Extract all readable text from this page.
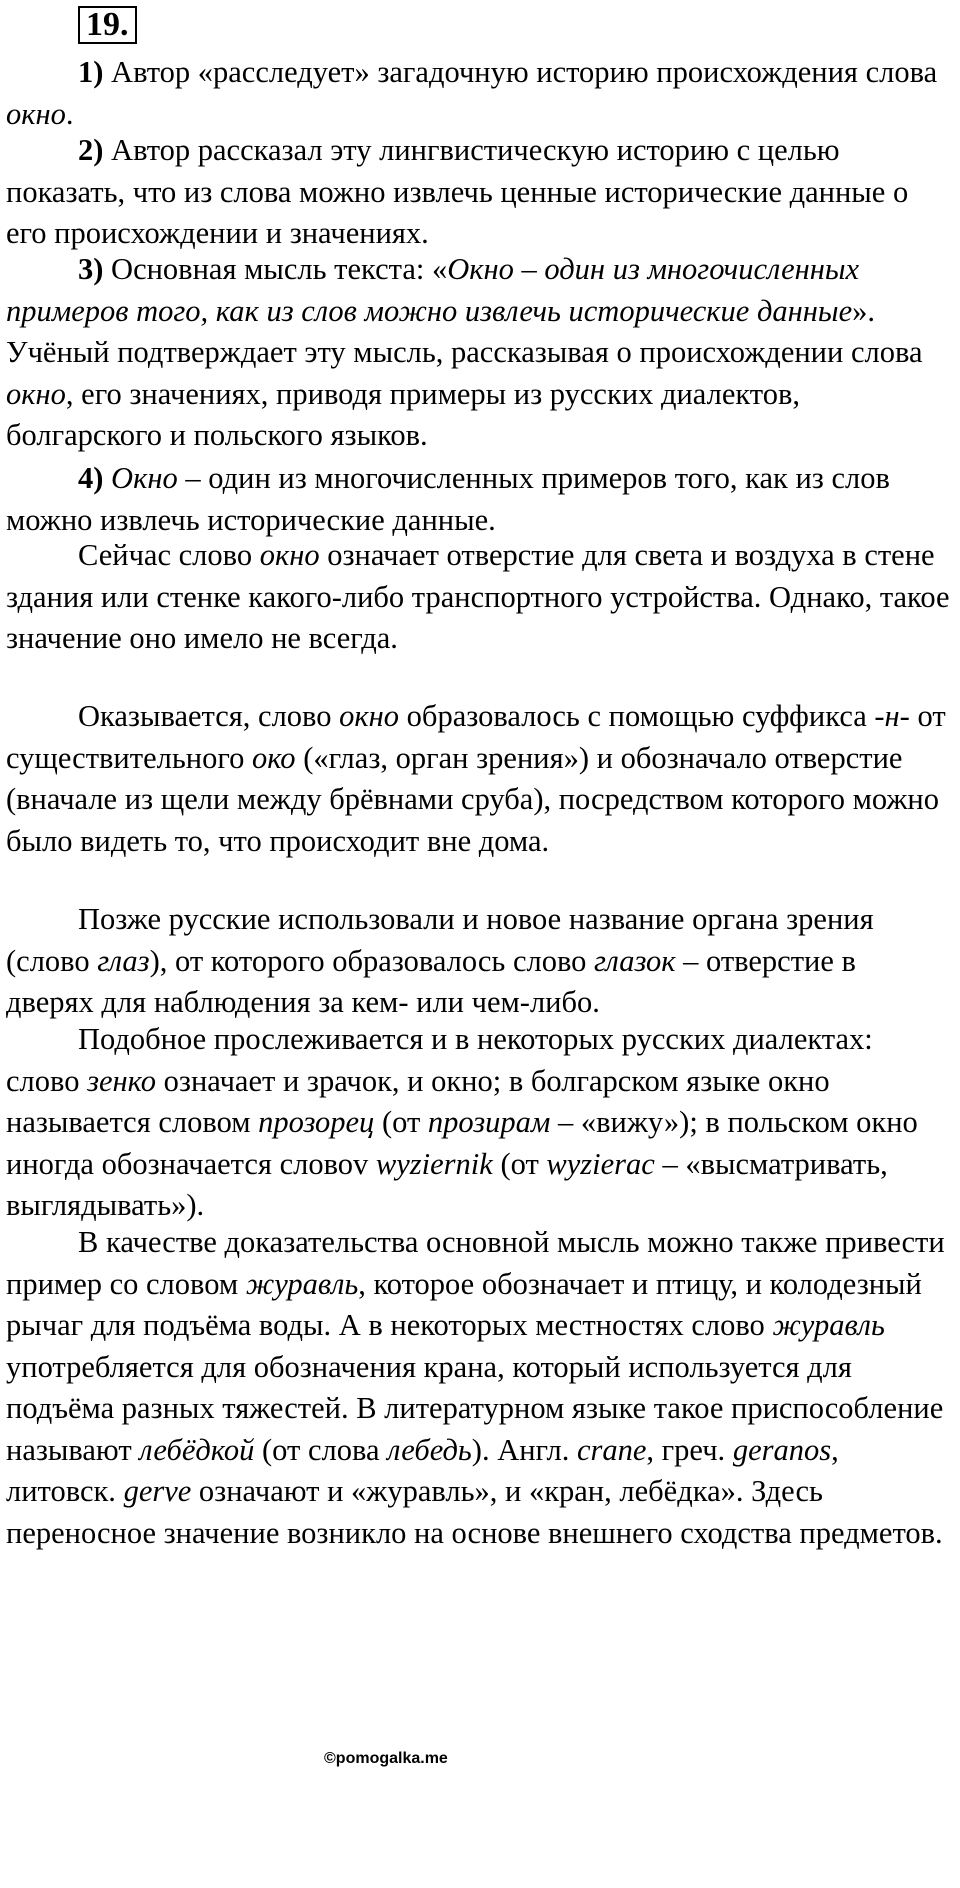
19.

1) Автор «расследует» загадочную историю происхождения слова окно.

2) Автор рассказал эту лингвистическую историю с целью показать, что из слова можно извлечь ценные исторические данные о его происхождении и значениях.

3) Основная мысль текста: «Окно – один из многочисленных примеров того, как из слов можно извлечь исторические данные». Учёный подтверждает эту мысль, рассказывая о происхождении слова окно, его значениях, приводя примеры из русских диалектов, болгарского и польского языков.

4) Окно – один из многочисленных примеров того, как из слов можно извлечь исторические данные.

Сейчас слово окно означает отверстие для света и воздуха в стене здания или стенке какого-либо транспортного устройства. Однако, такое значение оно имело не всегда.

Оказывается, слово окно образовалось с помощью суффикса -н- от существительного око («глаз, орган зрения») и обозначало отверстие (вначале из щели между брёвнами сруба), посредством которого можно было видеть то, что происходит вне дома.

Позже русские использовали и новое название органа зрения (слово глаз), от которого образовалось слово глазок – отверстие в дверях для наблюдения за кем- или чем-либо.

Подобное прослеживается и в некоторых русских диалектах: слово зенко означает и зрачок, и окно; в болгарском языке окно называется словом прозорец (от прозирам – «вижу»); в польском окно иногда обозначается словоv wyziernik (от wyzierac – «высматривать, выглядывать»).

В качестве доказательства основной мысль можно также привести пример со словом журавль, которое обозначает и птицу, и колодезный рычаг для подъёма воды. А в некоторых местностях слово журавль употребляется для обозначения крана, который используется для подъёма разных тяжестей. В литературном языке такое приспособление называют лебёдкой (от слова лебедь). Англ. crane, греч. geranos, литовск. gerve означают и «журавль», и «кран, лебёдка». Здесь переносное значение возникло на основе внешнего сходства предметов.

©pomogalka.me
